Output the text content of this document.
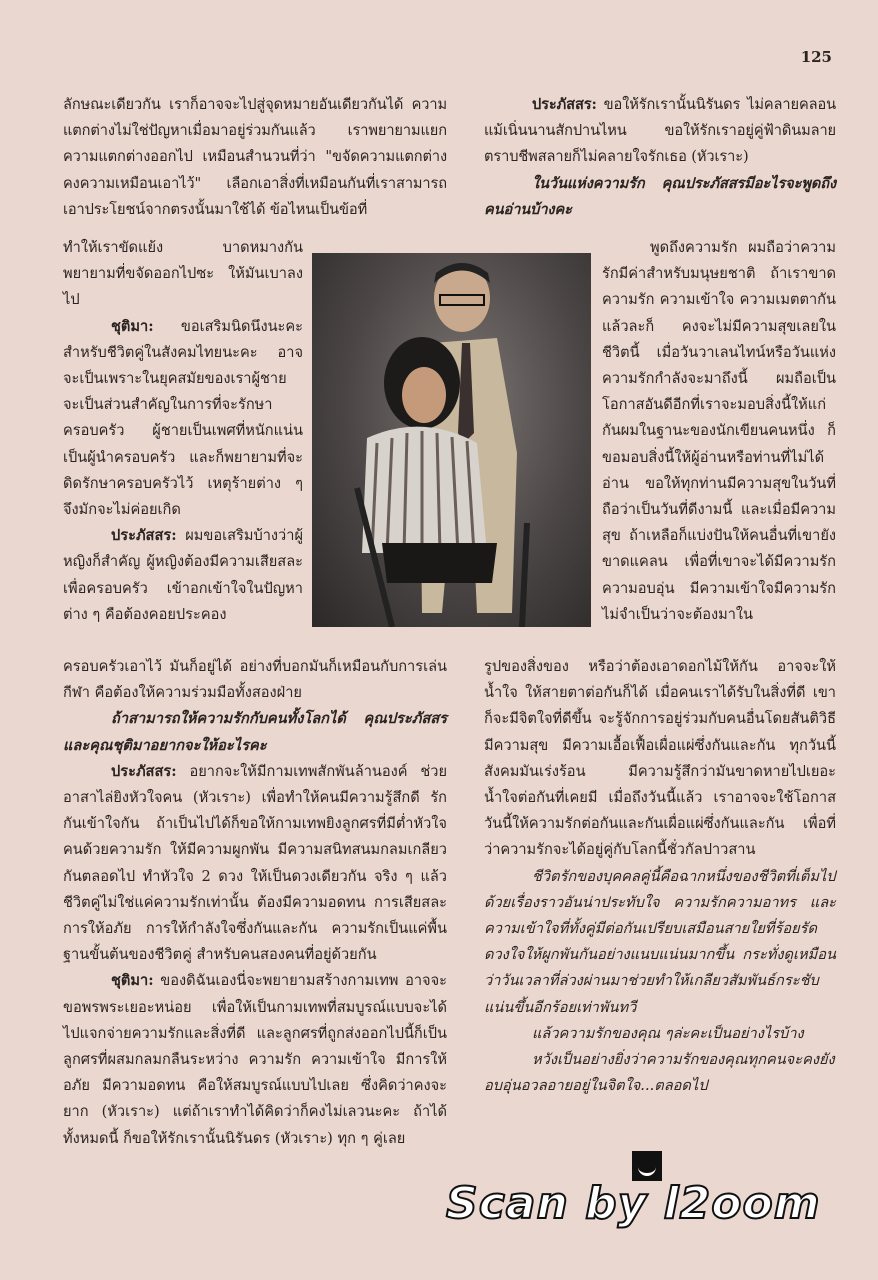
125

ลักษณะเดียวกัน เราก็อาจจะไปสู่จุดหมายอันเดียวกันได้ ความแตกต่างไม่ใช่ปัญหาเมื่อมาอยู่ร่วมกันแล้ว เราพยายามแยกความแตกต่างออกไป เหมือนสำนวนที่ว่า "ขจัดความแตกต่าง คงความเหมือนเอาไว้" เลือกเอาสิ่งที่เหมือนกันที่เราสามารถเอาประโยชน์จากตรงนั้นมาใช้ได้ ข้อไหนเป็นข้อที่

ทำให้เราขัดแย้ง บาดหมางกัน พยายามที่ขจัดออกไปซะ ให้มันเบาลงไป

ชุติมา: ขอเสริมนิดนึงนะคะ สำหรับชีวิตคู่ในสังคมไทยนะคะ อาจจะเป็นเพราะในยุคสมัยของเราผู้ชายจะเป็นส่วนสำคัญในการที่จะรักษาครอบครัว ผู้ชายเป็นเพศที่หนักแน่นเป็นผู้นำครอบครัว และก็พยายามที่จะดิดรักษาครอบครัวไว้ เหตุร้ายต่าง ๆ จึงมักจะไม่ค่อยเกิด

ประภัสสร: ผมขอเสริมบ้างว่าผู้หญิงก็สำคัญ ผู้หญิงต้องมีความเสียสละเพื่อครอบครัว เข้าอกเข้าใจในปัญหาต่าง ๆ คือต้องคอยประคอง

ครอบครัวเอาไว้ มันก็อยู่ได้ อย่างที่บอกมันก็เหมือนกับการเล่นกีฬา คือต้องให้ความร่วมมือทั้งสองฝ่าย

ถ้าสามารถให้ความรักกับคนทั้งโลกได้ คุณประภัสสรและคุณชุติมาอยากจะให้อะไรคะ

ประภัสสร: อยากจะให้มีกามเทพสักพันล้านองค์ ช่วยอาสาไล่ยิงหัวใจคน (หัวเราะ) เพื่อทำให้คนมีความรู้สึกดี รักกันเข้าใจกัน ถ้าเป็นไปได้ก็ขอให้กามเทพยิงลูกศรที่มีต่ำหัวใจคนด้วยความรัก ให้มีความผูกพัน มีความสนิทสนมกลมเกลียวกันตลอดไป ทำหัวใจ 2 ดวง ให้เป็นดวงเดียวกัน จริง ๆ แล้วชีวิตคู่ไม่ใช่แค่ความรักเท่านั้น ต้องมีความอดทน การเสียสละ การให้อภัย การให้กำลังใจซึ่งกันและกัน ความรักเป็นแค่พื้นฐานขั้นต้นของชีวิตคู่ สำหรับคนสองคนที่อยู่ด้วยกัน

ชุติมา: ของดิฉันเองนี่จะพยายามสร้างกามเทพ อาจจะขอพรพระเยอะหน่อย เพื่อให้เป็นกามเทพที่สมบูรณ์แบบจะได้ไปแจกจ่ายความรักและสิ่งที่ดี และลูกศรที่ถูกส่งออกไปนี้ก็เป็นลูกศรที่ผสมกลมกลืนระหว่าง ความรัก ความเข้าใจ มีการให้อภัย มีความอดทน คือให้สมบูรณ์แบบไปเลย ซึ่งคิดว่าคงจะยาก (หัวเราะ) แต่ถ้าเราทำได้คิดว่าก็คงไม่เลวนะคะ ถ้าได้ทั้งหมดนี้ ก็ขอให้รักเรานั้นนิรันดร (หัวเราะ) ทุก ๆ คู่เลย

ประภัสสร: ขอให้รักเรานั้นนิรันดร ไม่คลายคลอนแม้เนิ่นนานสักปานไหน ขอให้รักเราอยู่คู่ฟ้าดินมลาย ตราบชีพสลายก็ไม่คลายใจรักเธอ (หัวเราะ)

ในวันแห่งความรัก คุณประภัสสรมีอะไรจะพูดถึงคนอ่านบ้างคะ

พูดถึงความรัก ผมถือว่าความรักมีค่าสำหรับมนุษยชาติ ถ้าเราขาดความรัก ความเข้าใจ ความเมตตากันแล้วละก็ คงจะไม่มีความสุขเลยในชีวิตนี้ เมื่อวันวาเลนไทน์หรือวันแห่งความรักกำลังจะมาถึงนี้ ผมถือเป็นโอกาสอันดีอีกที่เราจะมอบสิ่งนี้ให้แก่กันผมในฐานะของนักเขียนคนหนึ่ง ก็ขอมอบสิ่งนี้ให้ผู้อ่านหรือท่านที่ไม่ได้อ่าน ขอให้ทุกท่านมีความสุขในวันที่ถือว่าเป็นวันที่ดีงามนี้ และเมื่อมีความสุข ถ้าเหลือก็แบ่งปันให้คนอื่นที่เขายังขาดแคลน เพื่อที่เขาจะได้มีความรัก ความอบอุ่น มีความเข้าใจมีความรัก ไม่จำเป็นว่าจะต้องมาใน

รูปของสิ่งของ หรือว่าต้องเอาดอกไม้ให้กัน อาจจะให้น้ำใจ ให้สายตาต่อกันก็ได้ เมื่อคนเราได้รับในสิ่งที่ดี เขาก็จะมีจิตใจที่ดีขึ้น จะรู้จักการอยู่ร่วมกับคนอื่นโดยสันติวิธี มีความสุข มีความเอื้อเฟื้อเผื่อแผ่ซึ่งกันและกัน ทุกวันนี้สังคมมันเร่งร้อน มีความรู้สึกว่ามันขาดหายไปเยอะ น้ำใจต่อกันที่เคยมี เมื่อถึงวันนี้แล้ว เราอาจจะใช้โอกาสวันนี้ให้ความรักต่อกันและกันเผื่อแผ่ซึ่งกันและกัน เพื่อที่ว่าความรักจะได้อยู่คู่กับโลกนี้ชั่วกัลปาวสาน

ชีวิตรักของบุคคลคู่นี้คือฉากหนึ่งของชีวิตที่เต็มไปด้วยเรื่องราวอันน่าประทับใจ ความรักความอาทร และความเข้าใจที่ทั้งคู่มีต่อกันเปรียบเสมือนสายใยที่ร้อยรัดดวงใจให้ผูกพันกันอย่างแนบแน่นมากขึ้น กระทั่งดูเหมือนว่าวันเวลาที่ล่วงผ่านมาช่วยทำให้เกลียวสัมพันธ์กระชับแน่นขึ้นอีกร้อยเท่าพันทวี

แล้วความรักของคุณ ๆล่ะคะเป็นอย่างไรบ้าง

หวังเป็นอย่างยิ่งว่าความรักของคุณทุกคนจะคงยังอบอุ่นอวลอายอยู่ในจิตใจ...ตลอดไป

Scan by l2oom
